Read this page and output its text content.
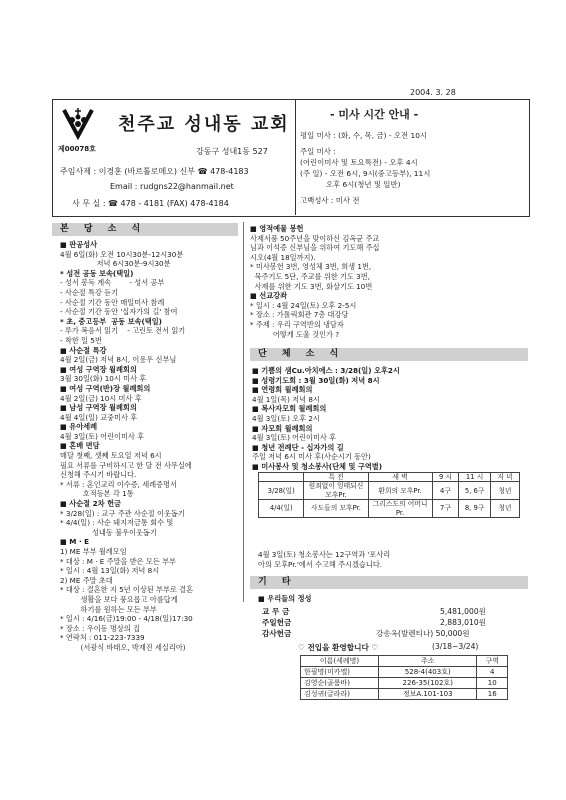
2004. 3. 28
제00078호
천주교 성내동 교회
강동구 성내1동 527
주임사제 : 이경훈 (바르톨로메오) 신부 ☎ 478-4183
Email : rudgns22@hanmail.net
사 무 실 : ☎ 478 - 4181 (FAX) 478-4184
- 미사 시간 안내 -
평일 미사 : (화, 수, 목, 금) - 오전 10시
주일 미사 :
(어린이미사 및 토요특전) - 오후 4시
(주 일) - 오전 6시, 9시(중고등부), 11시
오후 6시(청년 및 일반)
고백성사 : 미사 전
본 당 소 식
■ 판공성사
4월 6일(화) 오전 10시30분-12시30분
저녁 6시30분-9시30분
* 성전 공동 보속(택일)
- 성서 봉독 계속        - 성서 공부
- 사순절 특강 듣기
- 사순절 기간 동안 매일미사 참례
- 사순절 기간 동안 '십자가의 길' 참여
* 초, 중고등부  공동 보속(택일)
- 루가 복음서 읽기    - 고린토 전서 읽기
- 착한 일 5번
■ 사순절 특강
4월 2일(금) 저녁 8시, 이용우 신부님
■ 여성 구역장 월례회의
3월 30일(화) 10시 미사 후
■ 여성 구역(반)장 월례회의
4월 2일(금) 10시 미사 후
■ 남성 구역장 월례회의
4월 4일(일) 교중미사 후
■ 유아세례
4월 3일(토) 어린이미사 후
■ 혼배 면담
매달 첫째, 셋째 토요일 저녁 6시
필요 서류를 구비하시고 한 달 전 사무실에
신청해 주시기 바랍니다.
* 서류 : 혼인교리 이수증, 세례증명서
호적등본 각 1통
■ 사순절 2차 헌금
* 3/28(일) : 교구 주관 사순절 이웃돕기
* 4/4(일) : 사순 돼지저금통 회수 및
성내동 불우이웃돕기
■ M · E
1) ME 부부 월례모임
* 대상 : M · E 주말을 받은 모든 부부
* 일시 : 4월 13일(화) 저녁 8시
2) ME 주말 초대
* 대상 : 결혼한 지 5년 이상된 부부로 결혼
생활을 보다 풍요롭고 아름답게
하기를 원하는 모든 부부
* 일시 : 4/16(금)19:00 - 4/18(일)17:30
* 장소 : 우이동 명상의 집
* 연락처 : 011-223-7339
(서광식 바태오, 박재진 세실리아)
■ 영적예물 봉헌
사제서품 50주년을 맞이하신 김옥균 주교
님과 이석증 신부님을 위하여 기도해 주십
시오(4월 18일까지).
* 미사봉헌 3번, 영성체 3번, 희생 1번,
묵주기도 5단, 주교를 위한 기도 3번,
사제를 위한 기도 3번, 화살기도 10번
■ 선교강좌
* 일시 : 4월 24일(토) 오후 2-5시
* 장소 : 가톨릭회관 7층 대강당
* 주제 : 우리 구역반의 냉담자
어떻게 도울 것인가 ?
단 체 소 식
■ 기쁨의 샘Cu.아치에스 : 3/28(일) 오후2시
■ 성령기도회 : 3월 30일(화) 저녁 8시
■ 연령회 월례회의
4월 1일(목) 저녁 8시
■ 복사자모회 월례회의
4월 3일(토) 오후 2시
■ 자모회 월례회의
4월 3일(토) 어린이미사 후
■ 청년 전례단 - 십자가의 길
주일 저녁 6시 미사 후(사순시기 동안)
■ 미사봉사 및 청소봉사(단체 및 구역별)
	특 전	새 벽	9 시	11 시	저 녁
3/28(일)	원죄없이 잉태되신 모후Pr.	환희의 모후Pr.	4구	5, 6구	청년
4/4(일)	사도들의 모후Pr.	그리스도의 어머니Pr.	7구	8, 9구	청년
4월 3일(토) 청소봉사는 12구역과 '포사리
아의 모후Pr.'에서 수고해 주시겠습니다.
기 타
■ 우리들의 정성
교 무 금	5,481,000원
주일헌금	2,883,010원
감사헌금	강송옥(발렌티나) 50,000원
♡ 전입을 환영합니다 ♡	(3/18~3/24)
이름(세례명)	주소	구역
한필명(미카엘)	528-4(403호)	4
김영순(골룸바)	226-35(102호)	10
김성귀(글라라)	정보A.101-103	16
